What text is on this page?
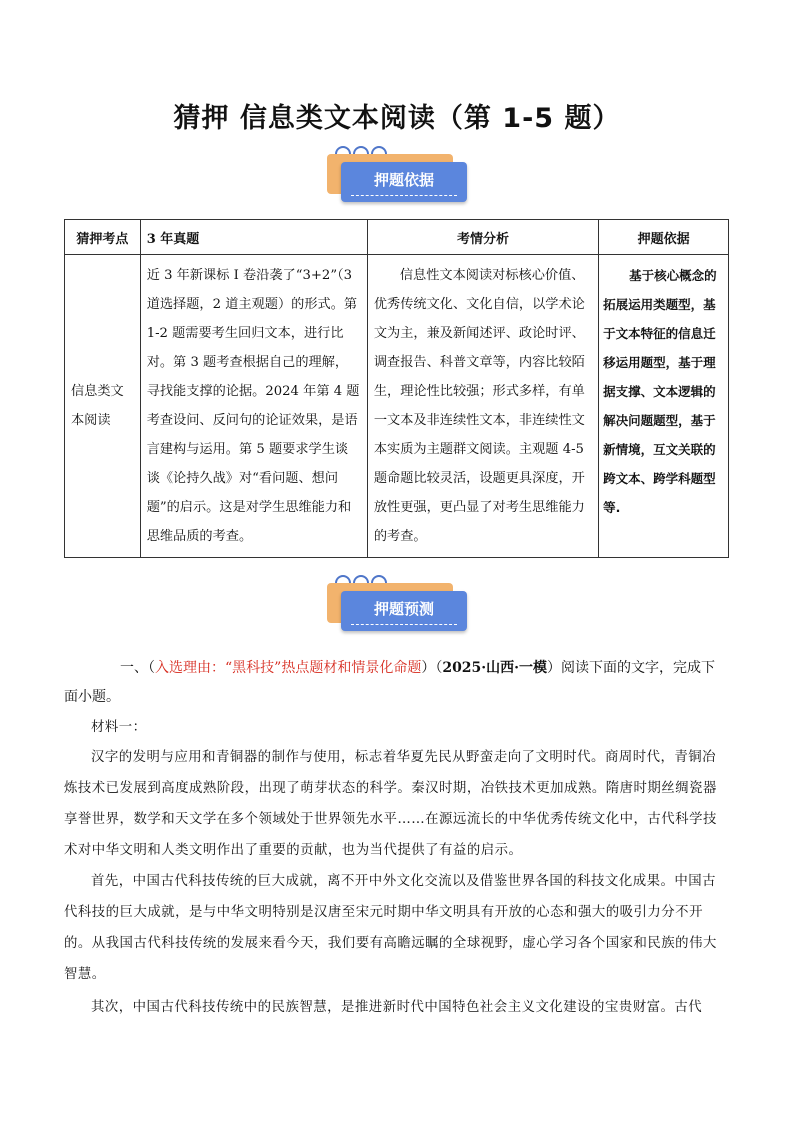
猜押 信息类文本阅读（第 1-5 题）
押题依据
猜押考点	3 年真题	考情分析	押题依据
信息类文本阅读	近 3 年新课标 I 卷沿袭了“3+2”（3 道选择题，2 道主观题）的形式。第 1-2 题需要考生回归文本，进行比对。第 3 题考查根据自己的理解，寻找能支撑的论据。2024 年第 4 题考查设问、反问句的论证效果，是语言建构与运用。第 5 题要求学生谈谈《论持久战》对“看问题、想问题”的启示。这是对学生思维能力和思维品质的考查。	信息性文本阅读对标核心价值、优秀传统文化、文化自信，以学术论文为主，兼及新闻述评、政论时评、调查报告、科普文章等，内容比较陌生，理论性比较强；形式多样，有单一文本及非连续性文本，非连续性文本实质为主题群文阅读。主观题 4-5 题命题比较灵活，设题更具深度，开放性更强，更凸显了对考生思维能力的考查。	基于核心概念的拓展运用类题型，基于文本特征的信息迁移运用题型，基于理据支撑、文本逻辑的解决问题题型，基于新情境，互文关联的跨文本、跨学科题型等.
押题预测
一、（入选理由：“黑科技”热点题材和情景化命题）（2025·山西·一模）阅读下面的文字，完成下面小题。

材料一：

汉字的发明与应用和青铜器的制作与使用，标志着华夏先民从野蛮走向了文明时代。商周时代，青铜冶炼技术已发展到高度成熟阶段，出现了萌芽状态的科学。秦汉时期，冶铁技术更加成熟。隋唐时期丝绸瓷器享誉世界，数学和天文学在多个领域处于世界领先水平……在源远流长的中华优秀传统文化中，古代科学技术对中华文明和人类文明作出了重要的贡献，也为当代提供了有益的启示。

首先，中国古代科技传统的巨大成就，离不开中外文化交流以及借鉴世界各国的科技文化成果。中国古代科技的巨大成就，是与中华文明特别是汉唐至宋元时期中华文明具有开放的心态和强大的吸引力分不开的。从我国古代科技传统的发展来看今天，我们要有高瞻远瞩的全球视野，虚心学习各个国家和民族的伟大智慧。

其次，中国古代科技传统中的民族智慧，是推进新时代中国特色社会主义文化建设的宝贵财富。古代
